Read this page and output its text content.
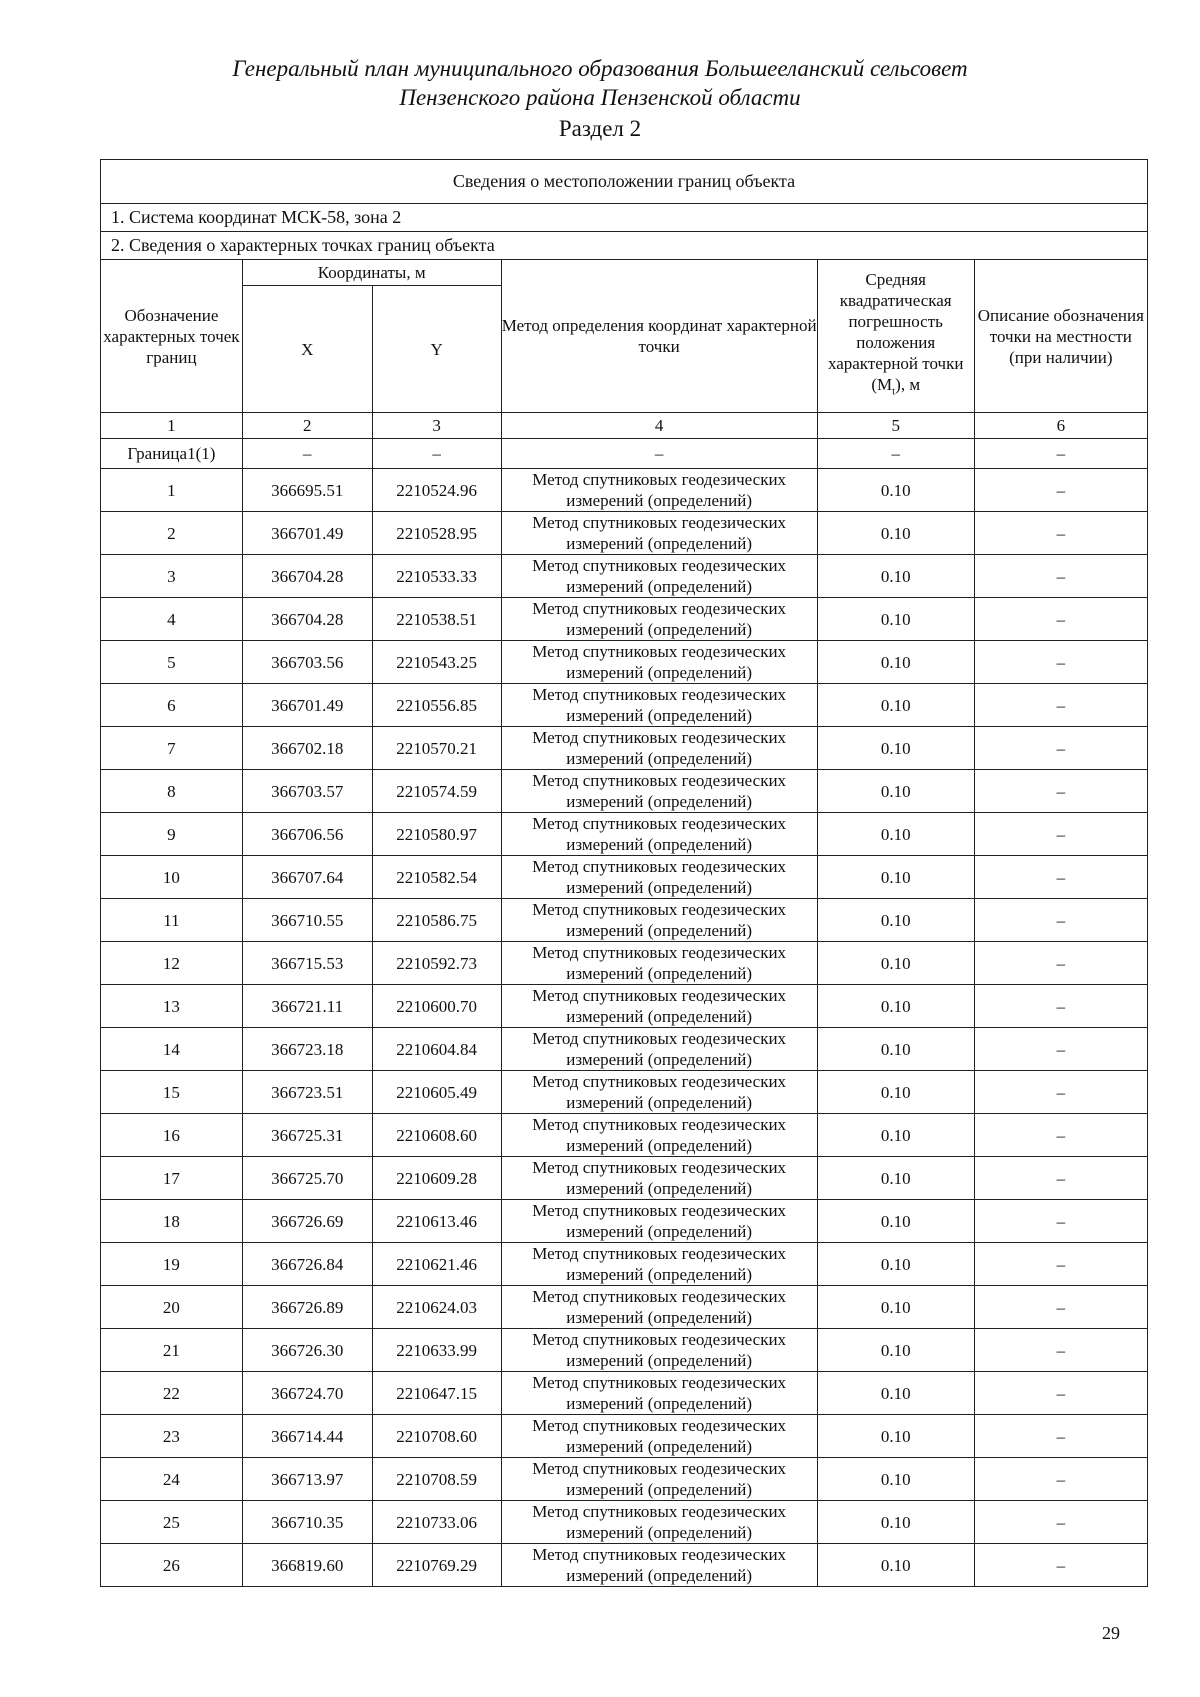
Генеральный план муниципального образования Большееланский сельсовет
Пензенского района Пензенской области
Раздел 2
Сведения о местоположении границ объекта					
1. Система координат МСК-58, зона 2					
2. Сведения о характерных точках границ объекта					
Обозначение характерных точек границ	Координаты, м		Метод определения координат характерной точки	Средняя квадратическая погрешность положения характерной точки $(M_t)$, м	Описание обозначения точки на местности (при наличии)
	X	Y			
1	2	3	4	5	6
Граница1(1)	–	–	–	–	–
1	366695.51	2210524.96	Метод спутниковых геодезических измерений (определений)	0.10	–
2	366701.49	2210528.95	Метод спутниковых геодезических измерений (определений)	0.10	–
3	366704.28	2210533.33	Метод спутниковых геодезических измерений (определений)	0.10	–
4	366704.28	2210538.51	Метод спутниковых геодезических измерений (определений)	0.10	–
5	366703.56	2210543.25	Метод спутниковых геодезических измерений (определений)	0.10	–
6	366701.49	2210556.85	Метод спутниковых геодезических измерений (определений)	0.10	–
7	366702.18	2210570.21	Метод спутниковых геодезических измерений (определений)	0.10	–
8	366703.57	2210574.59	Метод спутниковых геодезических измерений (определений)	0.10	–
9	366706.56	2210580.97	Метод спутниковых геодезических измерений (определений)	0.10	–
10	366707.64	2210582.54	Метод спутниковых геодезических измерений (определений)	0.10	–
11	366710.55	2210586.75	Метод спутниковых геодезических измерений (определений)	0.10	–
12	366715.53	2210592.73	Метод спутниковых геодезических измерений (определений)	0.10	–
13	366721.11	2210600.70	Метод спутниковых геодезических измерений (определений)	0.10	–
14	366723.18	2210604.84	Метод спутниковых геодезических измерений (определений)	0.10	–
15	366723.51	2210605.49	Метод спутниковых геодезических измерений (определений)	0.10	–
16	366725.31	2210608.60	Метод спутниковых геодезических измерений (определений)	0.10	–
17	366725.70	2210609.28	Метод спутниковых геодезических измерений (определений)	0.10	–
18	366726.69	2210613.46	Метод спутниковых геодезических измерений (определений)	0.10	–
19	366726.84	2210621.46	Метод спутниковых геодезических измерений (определений)	0.10	–
20	366726.89	2210624.03	Метод спутниковых геодезических измерений (определений)	0.10	–
21	366726.30	2210633.99	Метод спутниковых геодезических измерений (определений)	0.10	–
22	366724.70	2210647.15	Метод спутниковых геодезических измерений (определений)	0.10	–
23	366714.44	2210708.60	Метод спутниковых геодезических измерений (определений)	0.10	–
24	366713.97	2210708.59	Метод спутниковых геодезических измерений (определений)	0.10	–
25	366710.35	2210733.06	Метод спутниковых геодезических измерений (определений)	0.10	–
26	366819.60	2210769.29	Метод спутниковых геодезических измерений (определений)	0.10	–
29
